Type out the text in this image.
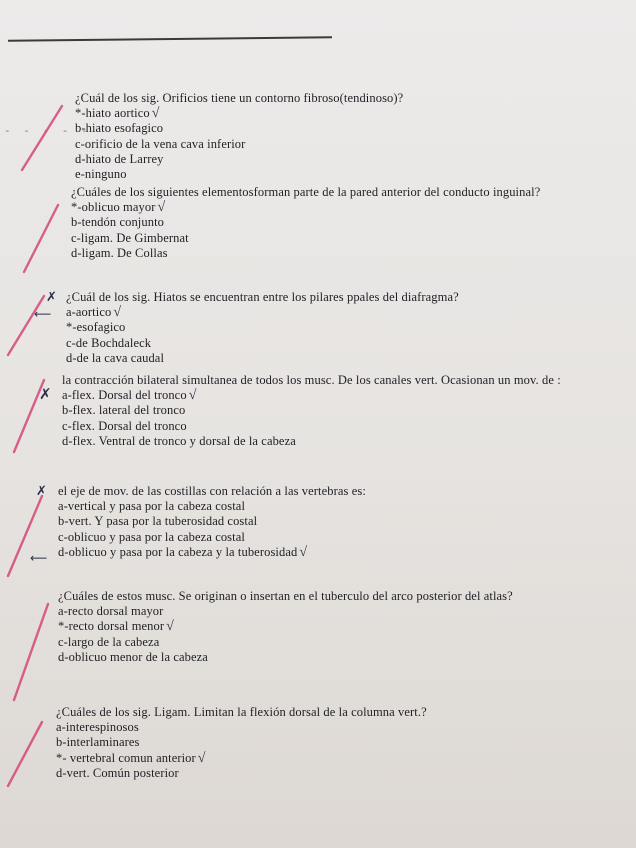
¿Cuál de los sig. Orificios tiene un contorno fibroso(tendinoso)?
*-hiato aortico √
b-hiato esofagico
c-orificio de la vena cava inferior
d-hiato de Larrey
e-ninguno
- - - - -
¿Cuáles de los siguientes elementosforman parte de la pared anterior del conducto inguinal?
*-oblicuo mayor √
b-tendón conjunto
c-ligam. De Gimbernat
d-ligam. De Collas
¿Cuál de los sig. Hiatos se encuentran entre los pilares ppales del diafragma?
a-aortico √
*-esofagico
c-de Bochdaleck
d-de la cava caudal
✗
⟵
la contracción bilateral simultanea de todos los musc. De los canales vert. Ocasionan un mov. de :
a-flex. Dorsal del tronco √
b-flex. lateral del tronco
c-flex. Dorsal del tronco
d-flex. Ventral de tronco y dorsal de la cabeza
✗
el eje de mov. de las costillas con relación a las vertebras es:
a-vertical y pasa por la cabeza costal
b-vert. Y pasa por la tuberosidad costal
c-oblicuo y pasa por la cabeza costal
d-oblicuo y pasa por la cabeza y la tuberosidad √
✗
⟵
¿Cuáles de estos musc. Se originan o insertan en el tuberculo del arco posterior del atlas?
a-recto dorsal mayor
*-recto dorsal menor √
c-largo de la cabeza
d-oblicuo menor de la cabeza
¿Cuáles de los sig. Ligam. Limitan la flexión dorsal de la columna vert.?
a-interespinosos
b-interlaminares
*- vertebral comun anterior √
d-vert. Común posterior
